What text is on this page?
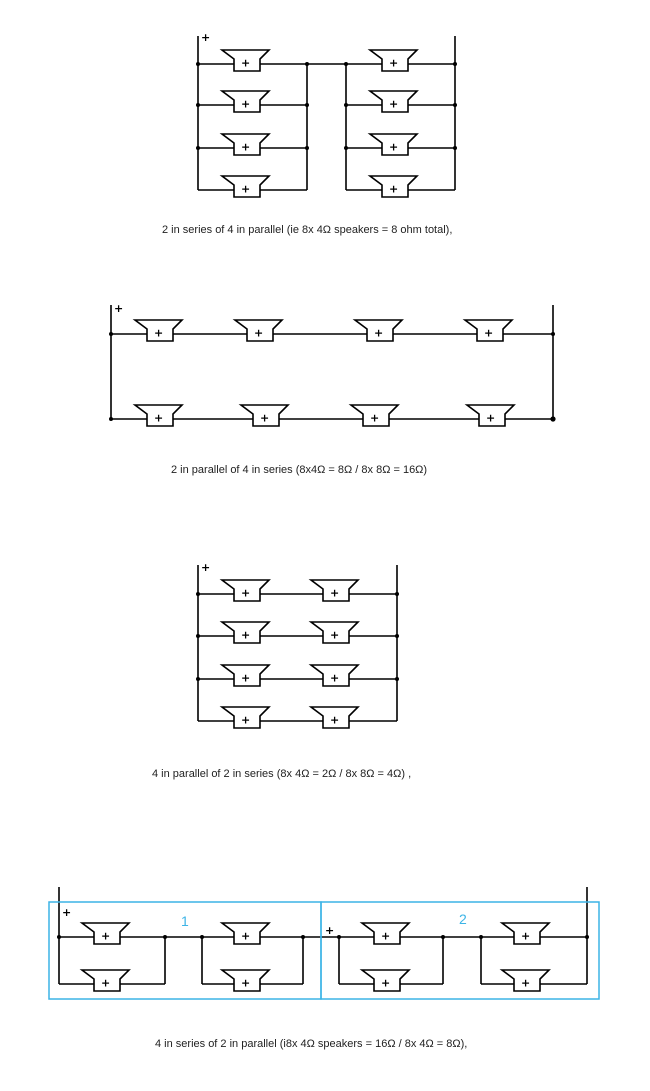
+
+
+
+
+
+
+
+
+
2 in series of 4 in parallel (ie 8x 4Ω speakers = 8 ohm total),
+
+	+	+	+
+	+	+	+
2 in parallel of 4 in series (8x4Ω = 8Ω / 8x 8Ω = 16Ω)
+
+	+
+	+
+	+
+	+
4 in parallel of 2 in series (8x 4Ω = 2Ω / 8x 8Ω = 4Ω) ,
1	2
+
+
+
+
+
+
+
+
+
+
4 in series of 2 in parallel (i8x 4Ω speakers = 16Ω / 8x 4Ω = 8Ω),
